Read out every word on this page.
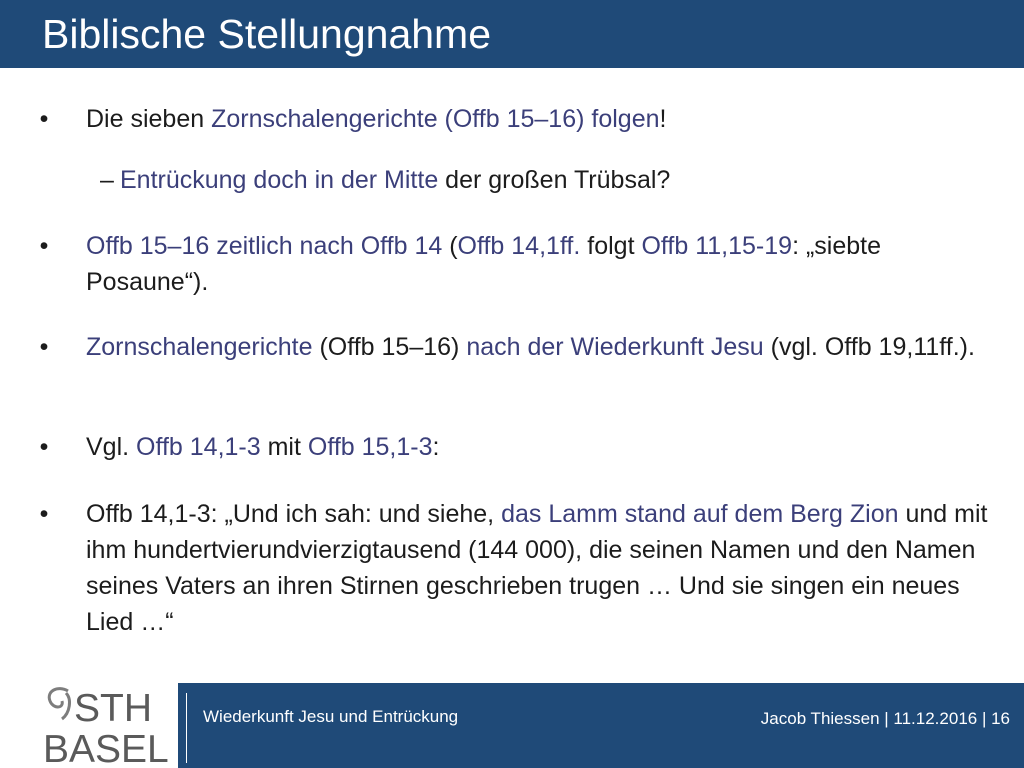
Biblische Stellungnahme
• Die sieben Zornschalengerichte (Offb 15–16) folgen!
– Entrückung doch in der Mitte der großen Trübsal?
• Offb 15–16 zeitlich nach Offb 14 (Offb 14,1ff. folgt Offb 11,15-19: „siebte Posaune“).
• Zornschalengerichte (Offb 15–16) nach der Wiederkunft Jesu (vgl. Offb 19,11ff.).
• Vgl. Offb 14,1-3 mit Offb 15,1-3:
• Offb 14,1-3: „Und ich sah: und siehe, das Lamm stand auf dem Berg Zion und mit ihm hundertvierundvierzigtausend (144 000), die seinen Namen und den Namen seines Vaters an ihren Stirnen geschrieben trugen … Und sie singen ein neues Lied …“
STH
BASEL
Wiederkunft Jesu und Entrückung	Jacob Thiessen | 11.12.2016 | 16
